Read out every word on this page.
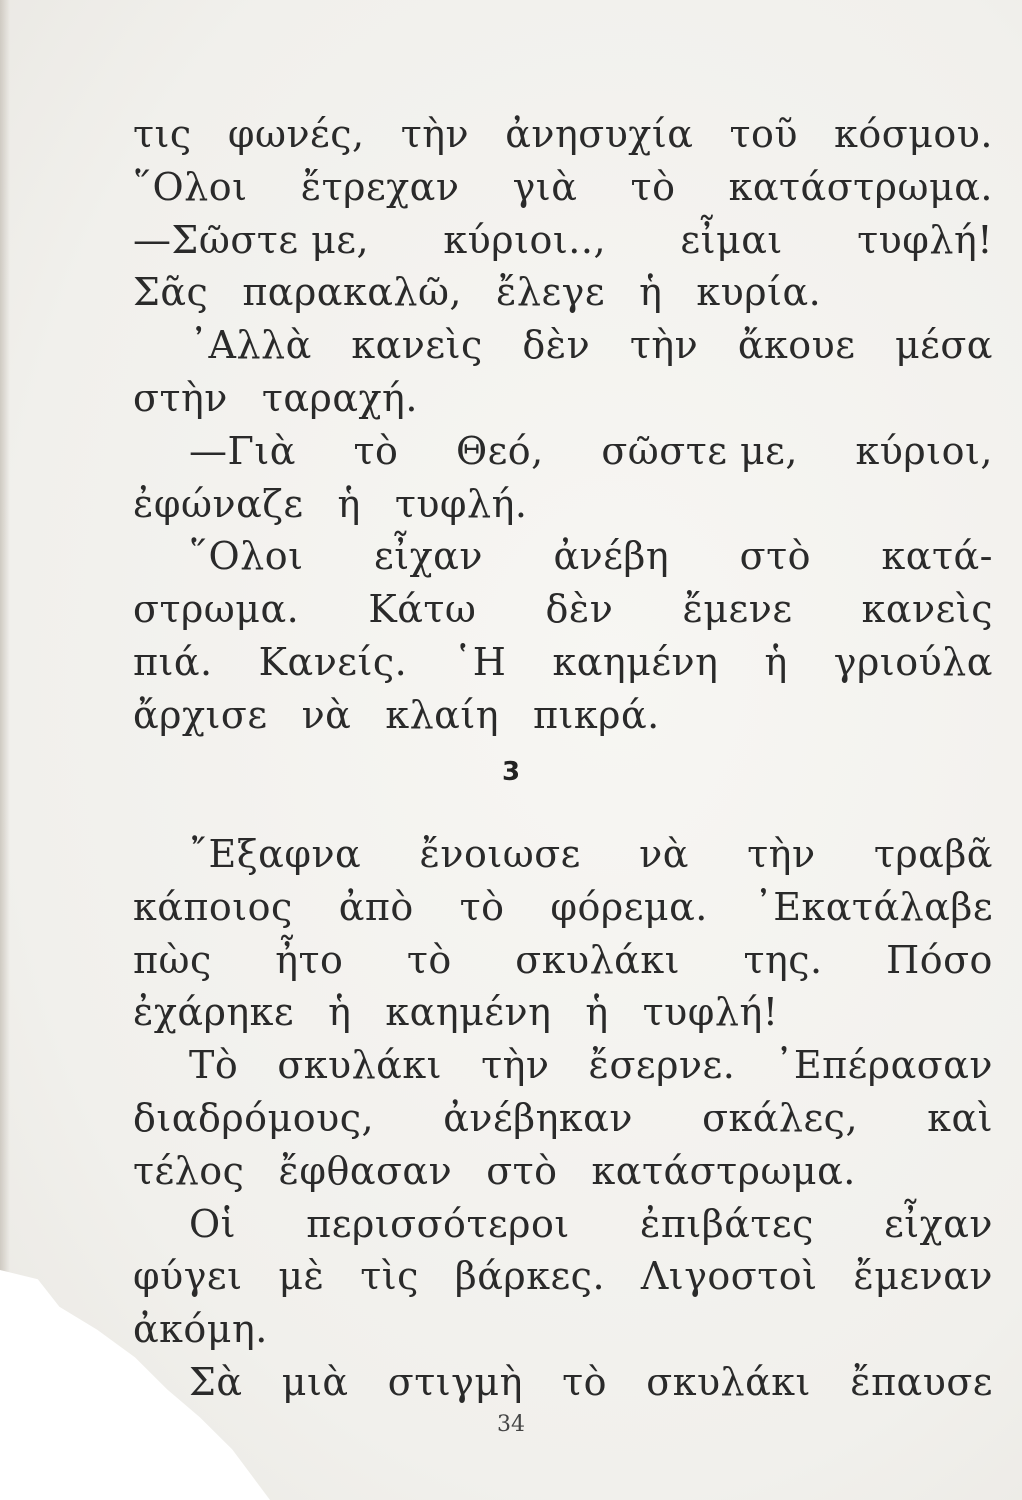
τις φωνές, τὴν ἀνησυχία τοῦ κόσμου.
῞Ολοι ἔτρεχαν γιὰ τὸ κατάστρωμα.
—Σῶστε με, κύριοι.., εἶμαι τυφλή!
Σᾶς παρακαλῶ, ἔλεγε ἡ κυρία.
᾿Αλλὰ κανεὶς δὲν τὴν ἄκουε μέσα
στὴν ταραχή.
—Γιὰ τὸ Θεό, σῶστε με, κύριοι,
ἐφώναζε ἡ τυφλή.
῞Ολοι εἶχαν ἀνέβη στὸ κατά-
στρωμα. Κάτω δὲν ἔμενε κανεὶς
πιά. Κανείς. ῾Η καημένη ἡ γριούλα
ἄρχισε νὰ κλαίη πικρά.
3
῎Εξαφνα ἔνοιωσε νὰ τὴν τραβᾶ
κάποιος ἀπὸ τὸ φόρεμα. ᾿Εκατάλαβε
πὼς ἦτο τὸ σκυλάκι της. Πόσο
ἐχάρηκε ἡ καημένη ἡ τυφλή!
Τὸ σκυλάκι τὴν ἔσερνε. ᾿Επέρασαν
διαδρόμους, ἀνέβηκαν σκάλες, καὶ
τέλος ἔφθασαν στὸ κατάστρωμα.
Οἱ περισσότεροι ἐπιβάτες εἶχαν
φύγει μὲ τὶς βάρκες. Λιγοστοὶ ἔμεναν
ἀκόμη.
Σὰ μιὰ στιγμὴ τὸ σκυλάκι ἔπαυσε
34
